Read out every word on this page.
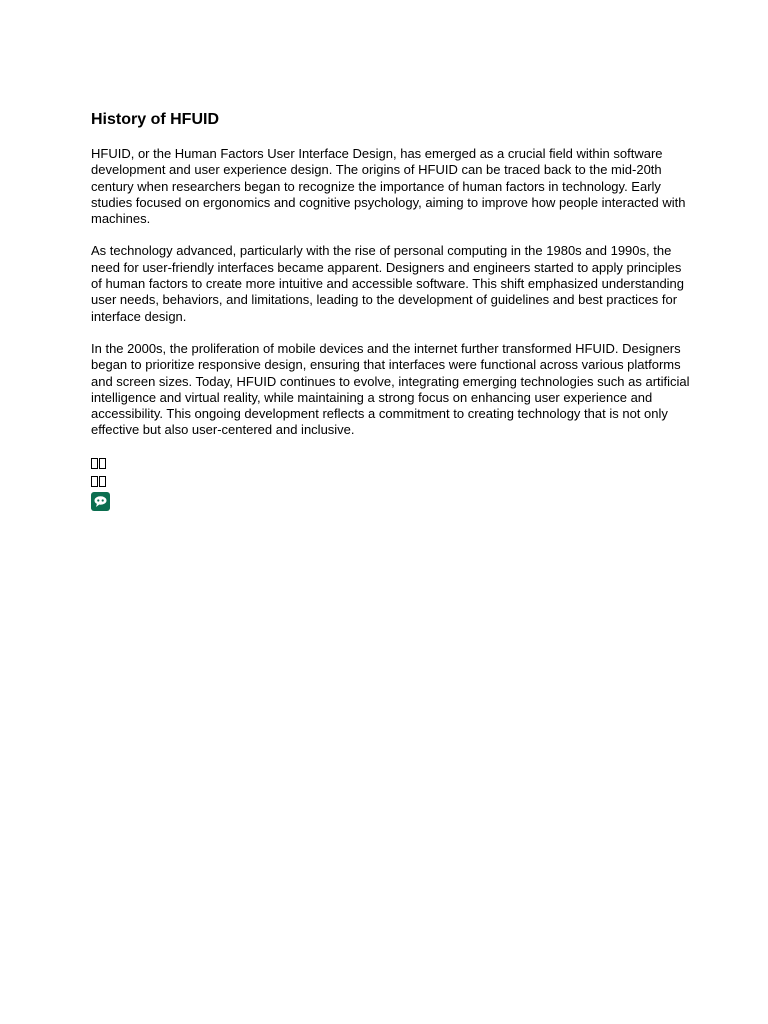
History of HFUID

HFUID, or the Human Factors User Interface Design, has emerged as a crucial field within software development and user experience design. The origins of HFUID can be traced back to the mid-20th century when researchers began to recognize the importance of human factors in technology. Early studies focused on ergonomics and cognitive psychology, aiming to improve how people interacted with machines.

As technology advanced, particularly with the rise of personal computing in the 1980s and 1990s, the need for user-friendly interfaces became apparent. Designers and engineers started to apply principles of human factors to create more intuitive and accessible software. This shift emphasized understanding user needs, behaviors, and limitations, leading to the development of guidelines and best practices for interface design.

In the 2000s, the proliferation of mobile devices and the internet further transformed HFUID. Designers began to prioritize responsive design, ensuring that interfaces were functional across various platforms and screen sizes. Today, HFUID continues to evolve, integrating emerging technologies such as artificial intelligence and virtual reality, while maintaining a strong focus on enhancing user experience and accessibility. This ongoing development reflects a commitment to creating technology that is not only effective but also user-centered and inclusive.
